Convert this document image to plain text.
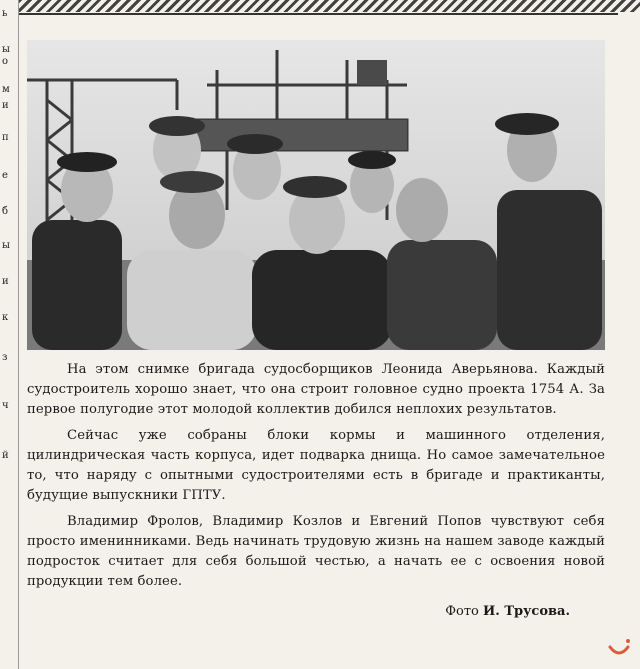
ь
ы
о
м
и
п
е
б
ы
и
к
з
ч
й

На этом снимке бригада судосборщиков Леонида Аверьянова. Каждый судостроитель хорошо знает, что она строит головное судно проекта 1754 А. За первое полугодие этот молодой коллектив добился неплохих результатов.

Сейчас уже собраны блоки кормы и машинного отделения, цилиндрическая часть корпуса, идет подварка днища. Но самое замечательное то, что наряду с опытными судостроителями есть в бригаде и практиканты, будущие выпускники ГПТУ.

Владимир Фролов, Владимир Козлов и Евгений Попов чувствуют себя просто именинниками. Ведь начинать трудовую жизнь на нашем заводе каждый подросток считает для себя большой честью, а начать ее с освоения новой продукции тем более.

Фото И. Трусова.
